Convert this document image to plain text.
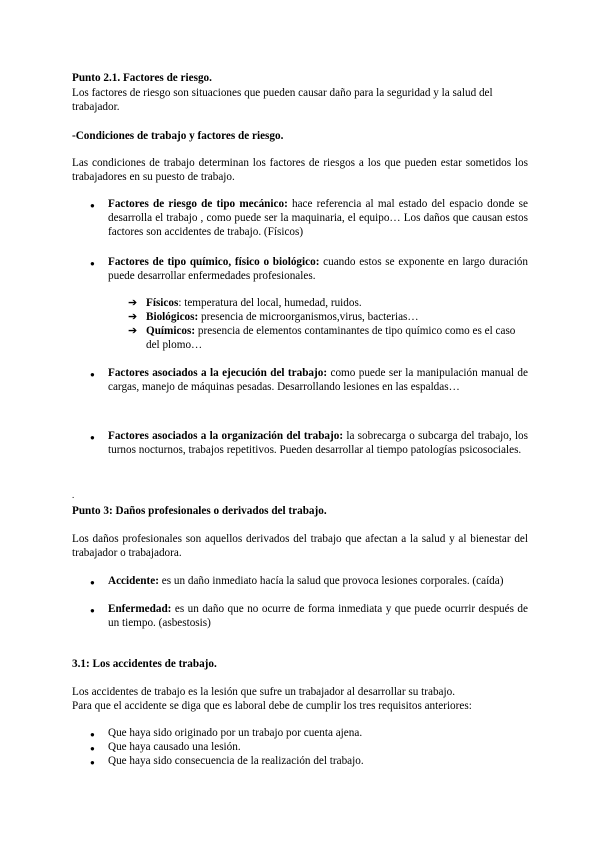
Punto 2.1. Factores de riesgo.
Los factores de riesgo son situaciones que pueden causar daño para la seguridad y la salud del trabajador.
-Condiciones de trabajo y factores de riesgo.
Las condiciones de trabajo determinan los factores de riesgos a los que pueden estar sometidos los trabajadores en su puesto de trabajo.
●
Factores de riesgo de tipo mecánico: hace referencia al mal estado del espacio donde se desarrolla el trabajo , como puede ser la maquinaria, el equipo… Los daños que causan estos factores son accidentes de trabajo. (Físicos)
●
Factores de tipo químico, físico o biológico: cuando estos se exponente en largo duración puede desarrollar enfermedades profesionales.
➔ Físicos: temperatura del local, humedad, ruidos.
➔ Biológicos: presencia de microorganismos,virus, bacterias…
➔ Químicos: presencia de elementos contaminantes de tipo químico como es el caso del plomo…
●
Factores asociados a la ejecución del trabajo: como puede ser la manipulación manual de cargas, manejo de máquinas pesadas. Desarrollando lesiones en las espaldas…
●
Factores asociados a la organización del trabajo: la sobrecarga o subcarga del trabajo, los turnos nocturnos, trabajos repetitivos. Pueden desarrollar al tiempo patologías psicosociales.
.
Punto 3: Daños profesionales o derivados del trabajo.
Los daños profesionales son aquellos derivados del trabajo que afectan a la salud y al bienestar del trabajador o trabajadora.
●
Accidente: es un daño inmediato hacía la salud que provoca lesiones corporales. (caída)
●
Enfermedad: es un daño que no ocurre de forma inmediata y que puede ocurrir después de un tiempo. (asbestosis)
3.1: Los accidentes de trabajo.
Los accidentes de trabajo es la lesión que sufre un trabajador al desarrollar su trabajo.
Para que el accidente se diga que es laboral debe de cumplir los tres requisitos anteriores:
●
Que haya sido originado por un trabajo por cuenta ajena.
●
Que haya causado una lesión.
●
Que haya sido consecuencia de la realización del trabajo.
